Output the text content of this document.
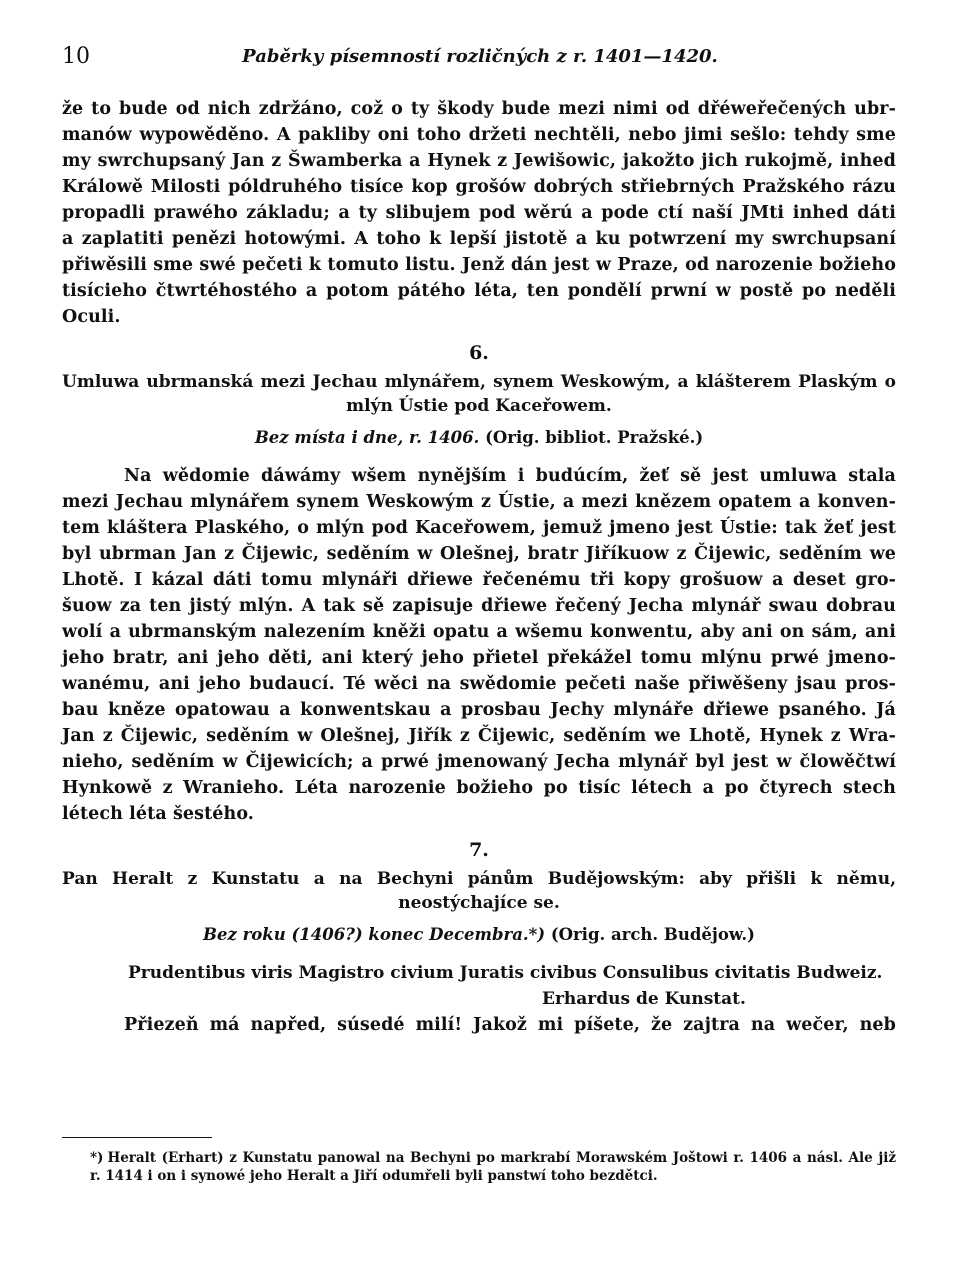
10	Paběrky písemností rozličných z r. 1401—1420.

že to bude od nich zdržáno, což o ty škody bude mezi nimi od dřéweřečených ubr-

manów wypowěděno. A pakliby oni toho držeti nechtěli, nebo jimi sešlo: tehdy sme

my swrchupsaný Jan z Šwamberka a Hynek z Jewišowic, jakožto jich rukojmě, inhed

Králowě Milosti póldruhého tisíce kop grošów dobrých střiebrných Pražského rázu

propadli prawého základu; a ty slibujem pod wěrú a pode ctí naší JMti inhed dáti

a zaplatiti penězi hotowými. A toho k lepší jistotě a ku potwrzení my swrchupsaní

přiwěsili sme swé pečeti k tomuto listu. Jenž dán jest w Praze, od narozenie božieho

tisícieho čtwrtéhostého a potom pátého léta, ten pondělí prwní w postě po neděli Oculi.

6.
Umluwa ubrmanská mezi Jechau mlynářem, synem Weskowým, a klášterem Plaským o mlýn Ústie pod Kaceřowem.
Bez místa i dne, r. 1406. (Orig. bibliot. Pražské.)

Na wědomie dáwámy wšem nynějším i budúcím, žeť sě jest umluwa stala

mezi Jechau mlynářem synem Weskowým z Ústie, a mezi knězem opatem a konven-

tem kláštera Plaského, o mlýn pod Kaceřowem, jemuž jmeno jest Ústie: tak žeť jest

byl ubrman Jan z Čijewic, seděním w Olešnej, bratr Jiříkuow z Čijewic, seděním we

Lhotě. I kázal dáti tomu mlynáři dřiewe řečenému tři kopy grošuow a deset gro-

šuow za ten jistý mlýn. A tak sě zapisuje dřiewe řečený Jecha mlynář swau dobrau

wolí a ubrmanským nalezením kněži opatu a wšemu konwentu, aby ani on sám, ani

jeho bratr, ani jeho děti, ani který jeho přietel překážel tomu mlýnu prwé jmeno-

wanému, ani jeho budaucí. Té wěci na swědomie pečeti naše přiwěšeny jsau pros-

bau kněze opatowau a konwentskau a prosbau Jechy mlynáře dřiewe psaného. Já

Jan z Čijewic, seděním w Olešnej, Jiřík z Čijewic, seděním we Lhotě, Hynek z Wra-

nieho, seděním w Čijewicích; a prwé jmenowaný Jecha mlynář byl jest w člowěčtwí

Hynkowě z Wranieho. Léta narozenie božieho po tisíc létech a po čtyrech stech

létech léta šestého.

7.
Pan Heralt z Kunstatu a na Bechyni pánům Budějowským: aby přišli k němu, neostýchajíce se.
Bez roku (1406?) konec Decembra.*) (Orig. arch. Budějow.)
Prudentibus viris Magistro civium Juratis civibus Consulibus civitatis Budweiz.
Erhardus de Kunstat.

Přiezeň má napřed, súsedé milí! Jakož mi píšete, že zajtra na wečer, neb

*) Heralt (Erhart) z Kunstatu panowal na Bechyni po markrabí Morawském Joštowi r. 1406 a násl. Ale již r. 1414 i on i synowé jeho Heralt a Jiří odumřeli byli panstwí toho bezdětci.
